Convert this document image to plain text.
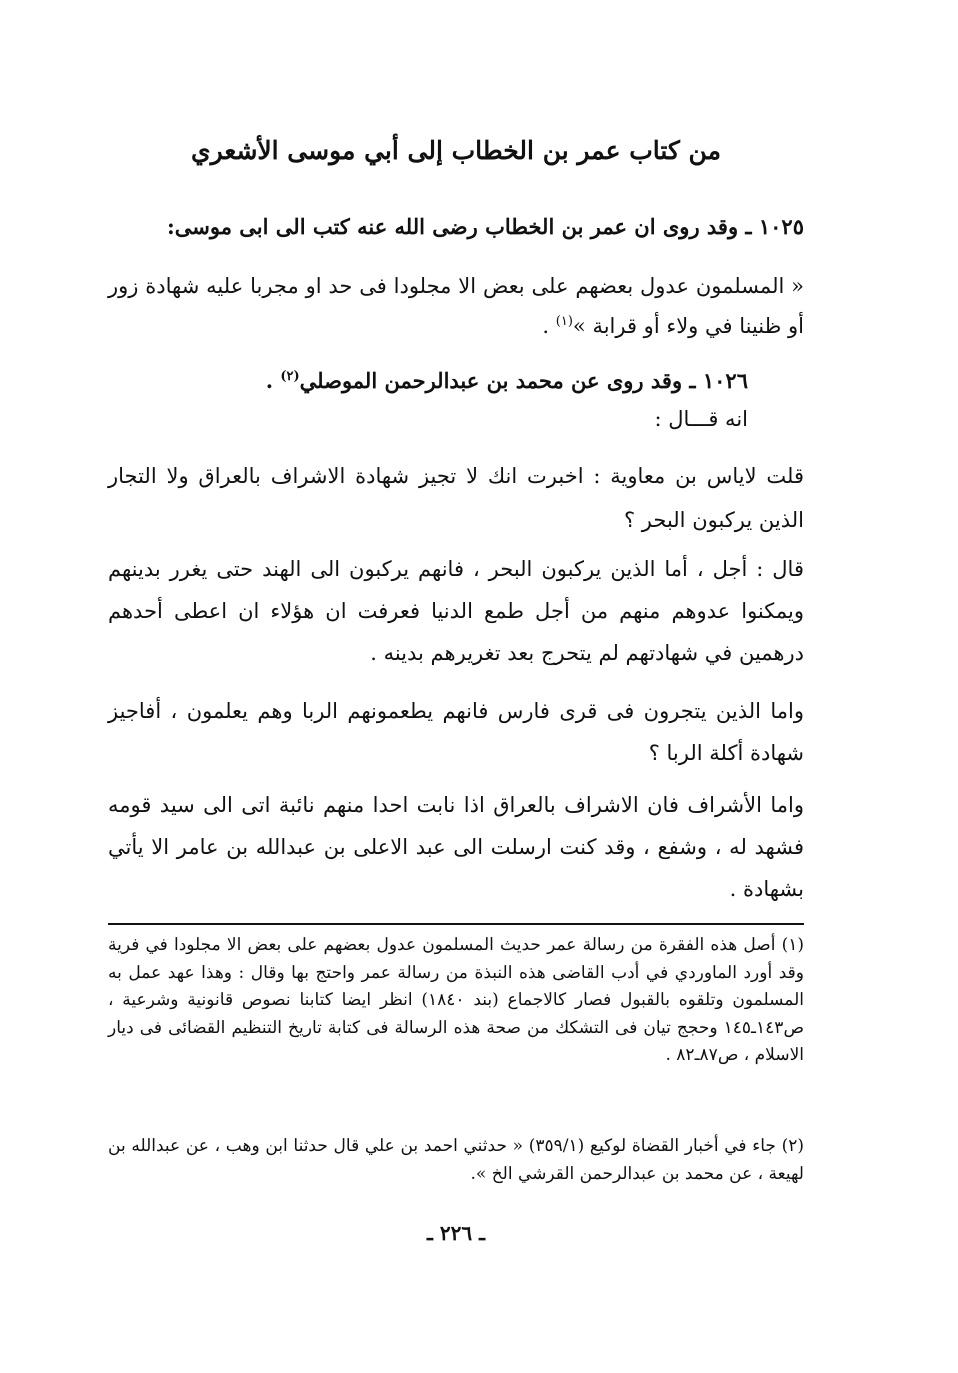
من كتاب عمر بن الخطاب إلى أبي موسى الأشعري
١٠٢٥ ـ وقد روى ان عمر بن الخطاب رضى الله عنه كتب الى ابى موسى:
« المسلمون عدول بعضهم على بعض الا مجلودا فى حد او مجربا عليه شهادة زور أو ظنينا في ولاء أو قرابة »$^{(١)}$ .
١٠٢٦ ـ وقد روى عن محمد بن عبدالرحمن الموصلي$^{(٢)}$ .
انه قـــال :
قلت لاياس بن معاوية : اخبرت انك لا تجيز شهادة الاشراف بالعراق ولا التجار الذين يركبون البحر ؟
قال : أجل ، أما الذين يركبون البحر ، فانهم يركبون الى الهند حتى يغرر بدينهم ويمكنوا عدوهم منهم من أجل طمع الدنيا فعرفت ان هؤلاء ان اعطى أحدهم درهمين في شهادتهم لم يتحرج بعد تغريرهم بدينه .
واما الذين يتجرون فى قرى فارس فانهم يطعمونهم الربا وهم يعلمون ، أفاجيز شهادة أكلة الربا ؟
واما الأشراف فان الاشراف بالعراق اذا نابت احدا منهم نائبة اتى الى سيد قومه فشهد له ، وشفع ، وقد كنت ارسلت الى عبد الاعلى بن عبدالله بن عامر الا يأتي بشهادة .
(١) أصل هذه الفقرة من رسالة عمر حديث المسلمون عدول بعضهم على بعض الا مجلودا في فرية وقد أورد الماوردي في أدب القاضى هذه النبذة من رسالة عمر واحتج بها وقال : وهذا عهد عمل به المسلمون وتلقوه بالقبول فصار كالاجماع (بند ١٨٤٠) انظر ايضا كتابنا نصوص قانونية وشرعية ، ص١٤٣ـ١٤٥ وحجج تيان فى التشكك من صحة هذه الرسالة فى كتابة تاريخ التنظيم القضائى فى ديار الاسلام ، ص٨٧ـ٨٢ .
(٢) جاء في أخبار القضاة لوكيع (٣٥٩/١) « حدثني احمد بن علي قال حدثنا ابن وهب ، عن عبدالله بن لهيعة ، عن محمد بن عبدالرحمن القرشي الخ ».
ـ ٢٢٦ ـ
